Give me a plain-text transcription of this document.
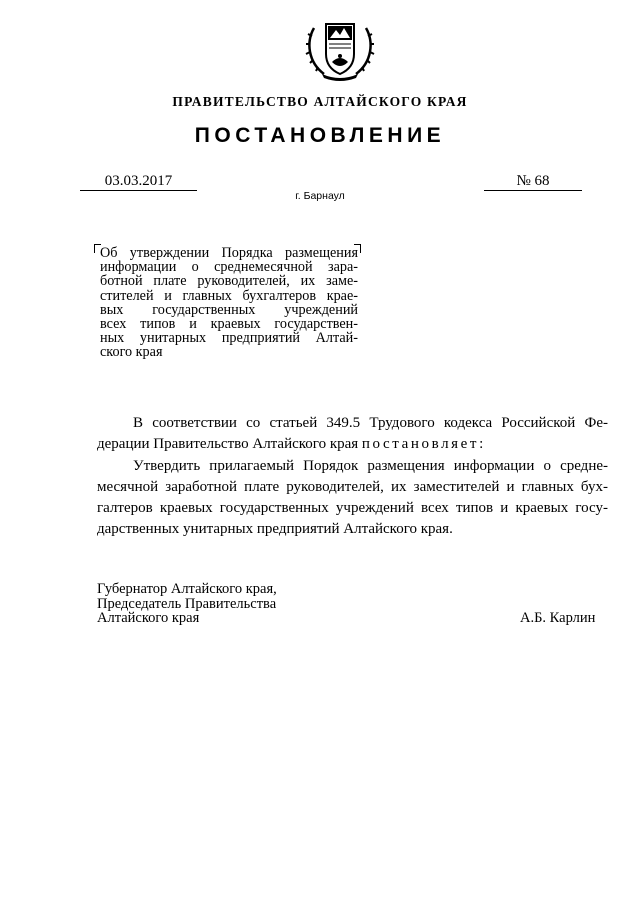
ПРАВИТЕЛЬСТВО АЛТАЙСКОГО КРАЯ
ПОСТАНОВЛЕНИЕ
03.03.2017	№ 68
г. Барнаул
Об утверждении Порядка размещения
информации о среднемесячной зара-
ботной плате руководителей, их заме-
стителей и главных бухгалтеров крае-
вых государственных учреждений
всех типов и краевых государствен-
ных унитарных предприятий Алтай-
ского края
В соответствии со статьей 349.5 Трудового кодекса Российской Фе-
дерации Правительство Алтайского края постановляет:
Утвердить прилагаемый Порядок размещения информации о средне-
месячной заработной плате руководителей, их заместителей и главных бух-
галтеров краевых государственных учреждений всех типов и краевых госу-
дарственных унитарных предприятий Алтайского края.
Губернатор Алтайского края,
Председатель Правительства
Алтайского края	А.Б. Карлин
